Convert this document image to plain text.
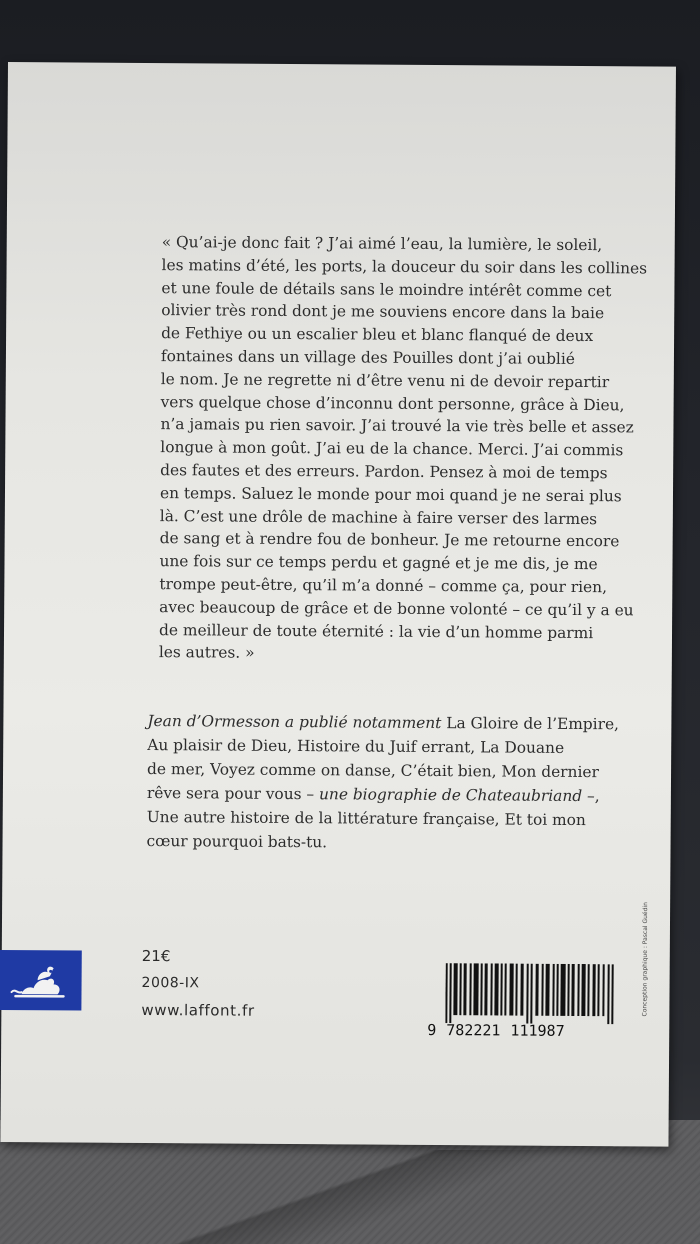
« Qu’ai-je donc fait ? J’ai aimé l’eau, la lumière, le soleil,
les matins d’été, les ports, la douceur du soir dans les collines
et une foule de détails sans le moindre intérêt comme cet
olivier très rond dont je me souviens encore dans la baie
de Fethiye ou un escalier bleu et blanc flanqué de deux
fontaines dans un village des Pouilles dont j’ai oublié
le nom. Je ne regrette ni d’être venu ni de devoir repartir
vers quelque chose d’inconnu dont personne, grâce à Dieu,
n’a jamais pu rien savoir. J’ai trouvé la vie très belle et assez
longue à mon goût. J’ai eu de la chance. Merci. J’ai commis
des fautes et des erreurs. Pardon. Pensez à moi de temps
en temps. Saluez le monde pour moi quand je ne serai plus
là. C’est une drôle de machine à faire verser des larmes
de sang et à rendre fou de bonheur. Je me retourne encore
une fois sur ce temps perdu et gagné et je me dis, je me
trompe peut-être, qu’il m’a donné – comme ça, pour rien,
avec beaucoup de grâce et de bonne volonté – ce qu’il y a eu
de meilleur de toute éternité : la vie d’un homme parmi
les autres. »
Jean d’Ormesson a publié notamment La Gloire de l’Empire,
Au plaisir de Dieu, Histoire du Juif errant, La Douane
de mer, Voyez comme on danse, C’était bien, Mon dernier
rêve sera pour vous – une biographie de Chateaubriand –,
Une autre histoire de la littérature française, Et toi mon
cœur pourquoi bats-tu.
21€
2008-IX
www.laffont.fr
9 782221 111987
Conception graphique : Pascal Guédin
